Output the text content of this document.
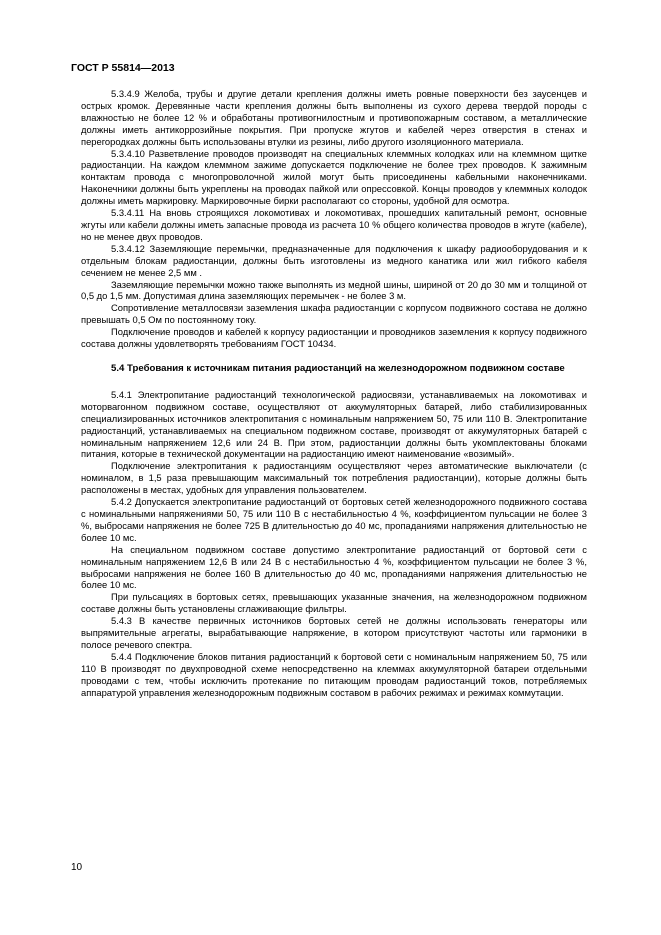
ГОСТ Р 55814—2013

5.3.4.9 Желоба, трубы и другие детали крепления должны иметь ровные поверхности без заусенцев и острых кромок. Деревянные части крепления должны быть выполнены из сухого дерева твердой породы с влажностью не более 12 % и обработаны противогнилостным и противопожарным составом, а металлические должны иметь антикоррозийные покрытия. При пропуске жгутов и кабелей через отверстия в стенах и перегородках должны быть использованы втулки из резины, либо другого изоляционного материала.

5.3.4.10 Разветвление проводов производят на специальных клеммных колодках или на клеммном щитке радиостанции. На каждом клеммном зажиме допускается подключение не более трех проводов. К зажимным контактам провода с многопроволочной жилой могут быть присоединены кабельными наконечниками. Наконечники должны быть укреплены на проводах пайкой или опрессовкой. Концы проводов у клеммных колодок должны иметь маркировку. Маркировочные бирки располагают со стороны, удобной для осмотра.

5.3.4.11 На вновь строящихся локомотивах и локомотивах, прошедших капитальный ремонт, основные жгуты или кабели должны иметь запасные провода из расчета 10 % общего количества проводов в жгуте (кабеле), но не менее двух проводов.

5.3.4.12 Заземляющие перемычки, предназначенные для подключения к шкафу радиооборудования и к отдельным блокам радиостанции, должны быть изготовлены из медного канатика или жил гибкого кабеля сечением не менее 2,5 мм .

Заземляющие перемычки можно также выполнять из медной шины, шириной от 20 до 30 мм и толщиной от 0,5 до 1,5 мм. Допустимая длина заземляющих перемычек - не более 3 м.

Сопротивление металлосвязи заземления шкафа радиостанции с корпусом подвижного состава не должно превышать 0,5 Ом по постоянному току.

Подключение проводов и кабелей к корпусу радиостанции и проводников заземления к корпусу подвижного состава должны удовлетворять требованиям ГОСТ 10434.

5.4 Требования к источникам питания радиостанций на железнодорожном подвижном составе

5.4.1 Электропитание радиостанций технологической радиосвязи, устанавливаемых на локомотивах и моторвагонном подвижном составе, осуществляют от аккумуляторных батарей, либо стабилизированных специализированных источников электропитания с номинальным напряжением 50, 75 или 110 В. Электропитание радиостанций, устанавливаемых на специальном подвижном составе, производят от аккумуляторных батарей с номинальным напряжением 12,6 или 24 В. При этом, радиостанции должны быть укомплектованы блоками питания, которые в технической документации на радиостанцию имеют наименование «возимый».

Подключение электропитания к радиостанциям осуществляют через автоматические выключатели (с номиналом, в 1,5 раза превышающим максимальный ток потребления радиостанции), которые должны быть расположены в местах, удобных для управления пользователем.

5.4.2 Допускается электропитание радиостанций от бортовых сетей железнодорожного подвижного состава с номинальными напряжениями 50, 75 или 110 В с нестабильностью 4 %, коэффициентом пульсации не более 3 %, выбросами напряжения не более 725 В длительностью до 40 мс, пропаданиями напряжения длительностью не более 10 мс.

На специальном подвижном составе допустимо электропитание радиостанций от бортовой сети с номинальным напряжением 12,6 В или 24 В с нестабильностью 4 %, коэффициентом пульсации не более 3 %, выбросами напряжения не более 160 В длительностью до 40 мс, пропаданиями напряжения длительностью не более 10 мс.

При пульсациях в бортовых сетях, превышающих указанные значения, на железнодорожном подвижном составе должны быть установлены сглаживающие фильтры.

5.4.3 В качестве первичных источников бортовых сетей не должны использовать генераторы или выпрямительные агрегаты, вырабатывающие напряжение, в котором присутствуют частоты или гармоники в полосе речевого спектра.

5.4.4 Подключение блоков питания радиостанций к бортовой сети с номинальным напряжением 50, 75 или 110 В производят по двухпроводной схеме непосредственно на клеммах аккумуляторной батареи отдельными проводами с тем, чтобы исключить протекание по питающим проводам радиостанций токов, потребляемых аппаратурой управления железнодорожным подвижным составом в рабочих режимах и режимах коммутации.

10
